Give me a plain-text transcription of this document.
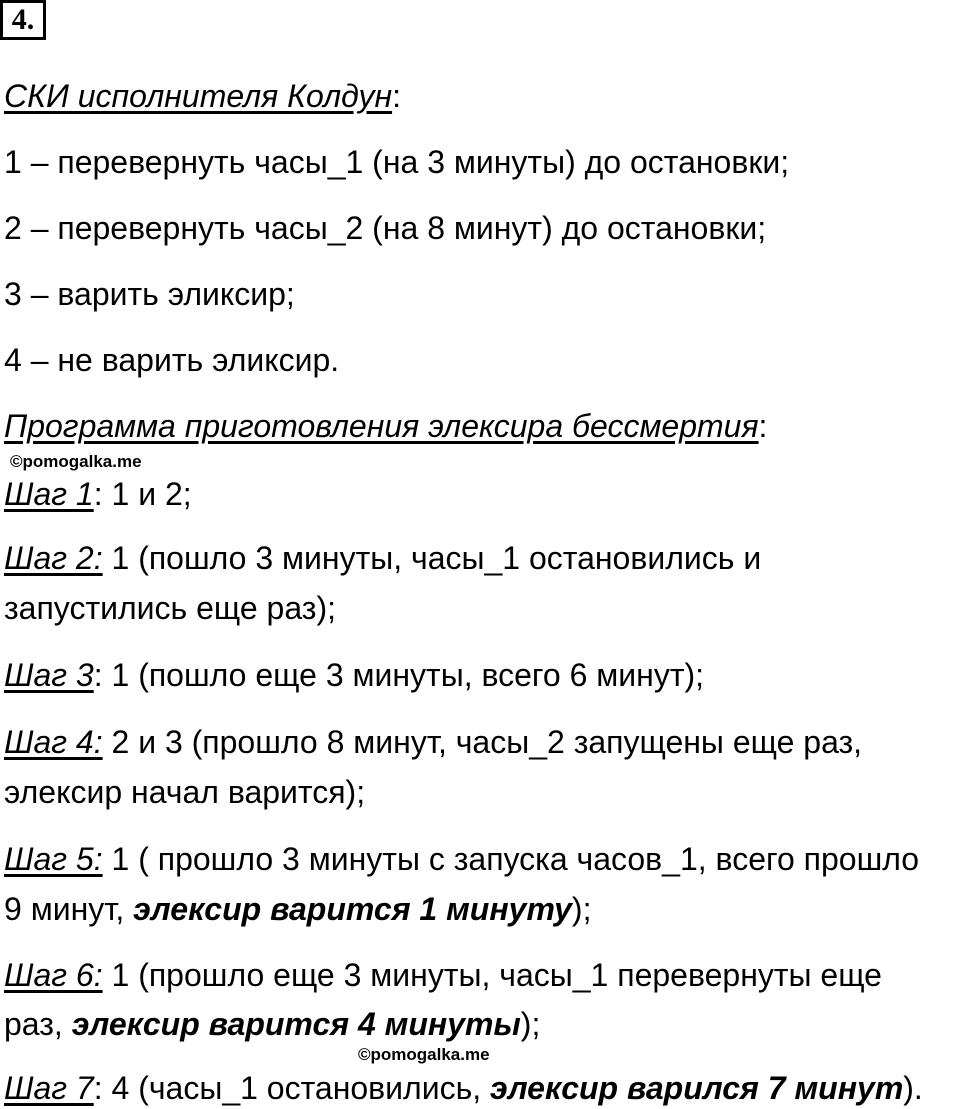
4.
СКИ исполнителя Колдун:
1 – перевернуть часы_1 (на 3 минуты) до остановки;
2 – перевернуть часы_2 (на 8 минут) до остановки;
3 – варить эликсир;
4 – не варить эликсир.
Программа приготовления элексира бессмертия:
©pomogalka.me
Шаг 1: 1 и 2;
Шаг 2: 1 (пошло 3 минуты, часы_1 остановились и
запустились еще раз);
Шаг 3: 1 (пошло еще 3 минуты, всего 6 минут);
Шаг 4: 2 и 3 (прошло 8 минут, часы_2 запущены еще раз,
элексир начал варится);
Шаг 5: 1 ( прошло 3 минуты с запуска часов_1, всего прошло
9 минут, элексир варится 1 минуту);
Шаг 6: 1 (прошло еще 3 минуты, часы_1 перевернуты еще
раз, элексир варится 4 минуты);
©pomogalka.me
Шаг 7: 4 (часы_1 остановились, элексир варился 7 минут).
